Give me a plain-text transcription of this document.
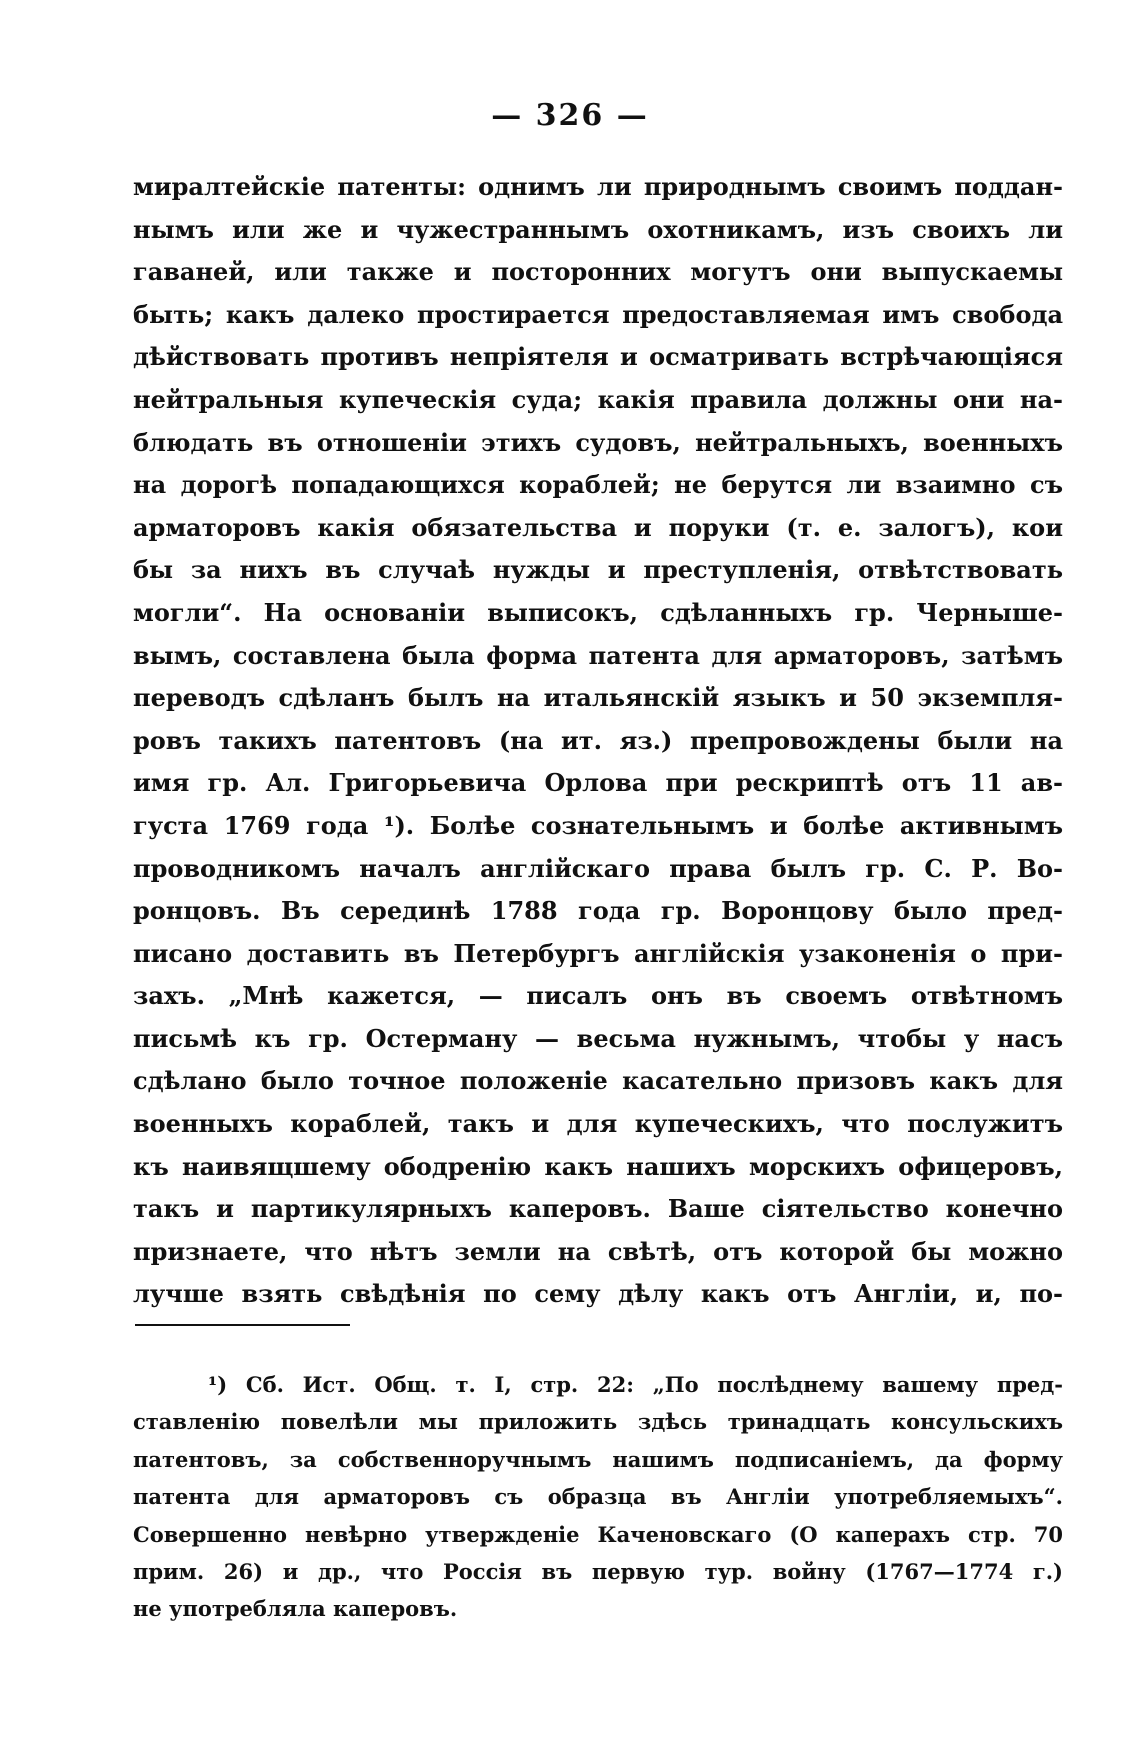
— 326 —
миралтейскіе патенты: однимъ ли природнымъ своимъ поддан-
нымъ или же и чужестраннымъ охотникамъ, изъ своихъ ли
гаваней, или также и посторонних могутъ они выпускаемы
быть; какъ далеко простирается предоставляемая имъ свобода
дѣйствовать противъ непріятеля и осматривать встрѣчающіяся
нейтральныя купеческія суда; какія правила должны они на-
блюдать въ отношеніи этихъ судовъ, нейтральныхъ, военныхъ
на дорогѣ попадающихся кораблей; не берутся ли взаимно съ
арматоровъ какія обязательства и поруки (т. е. залогъ), кои
бы за нихъ въ случаѣ нужды и преступленія, отвѣтствовать
могли“. На основаніи выписокъ, сдѣланныхъ гр. Чернышe-
вымъ, составлена была форма патента для арматоровъ, затѣмъ
переводъ сдѣланъ былъ на итальянскій языкъ и 50 экземпля-
ровъ такихъ патентовъ (на ит. яз.) препровождены были на
имя гр. Ал. Григорьевича Орлова при рескриптѣ отъ 11 ав-
густа 1769 года ¹). Болѣе сознательнымъ и болѣе активнымъ
проводникомъ началъ англійскаго права былъ гр. С. Р. Во-
ронцовъ. Въ серединѣ 1788 года гр. Воронцову было пред-
писано доставить въ Петербургъ англійскія узаконенія о при-
захъ. „Мнѣ кажется, — писалъ онъ въ своемъ отвѣтномъ
письмѣ къ гр. Остерману — весьма нужнымъ, чтобы у насъ
сдѣлано было точное положеніе касательно призовъ какъ для
военныхъ кораблей, такъ и для купеческихъ, что послужитъ
къ наивящшему ободренію какъ нашихъ морскихъ офицеровъ,
такъ и партикулярныхъ каперовъ. Ваше сіятельство конечно
признаете, что нѣтъ земли на свѣтѣ, отъ которой бы можно
лучше взять свѣдѣнія по сему дѣлу какъ отъ Англіи, и, по-
¹) Сб. Ист. Общ. т. I, стр. 22: „По послѣднему вашему пред-
ставленію повелѣли мы приложить здѣсь тринадцать консульскихъ
патентовъ, за собственноручнымъ нашимъ подписаніемъ, да форму
патента для арматоровъ съ образца въ Англіи употребляемыхъ“.
Совершенно невѣрно утвержденіе Каченовскаго (О каперахъ стр. 70
прим. 26) и др., что Россія въ первую тур. войну (1767—1774 г.)
не употребляла каперовъ.
